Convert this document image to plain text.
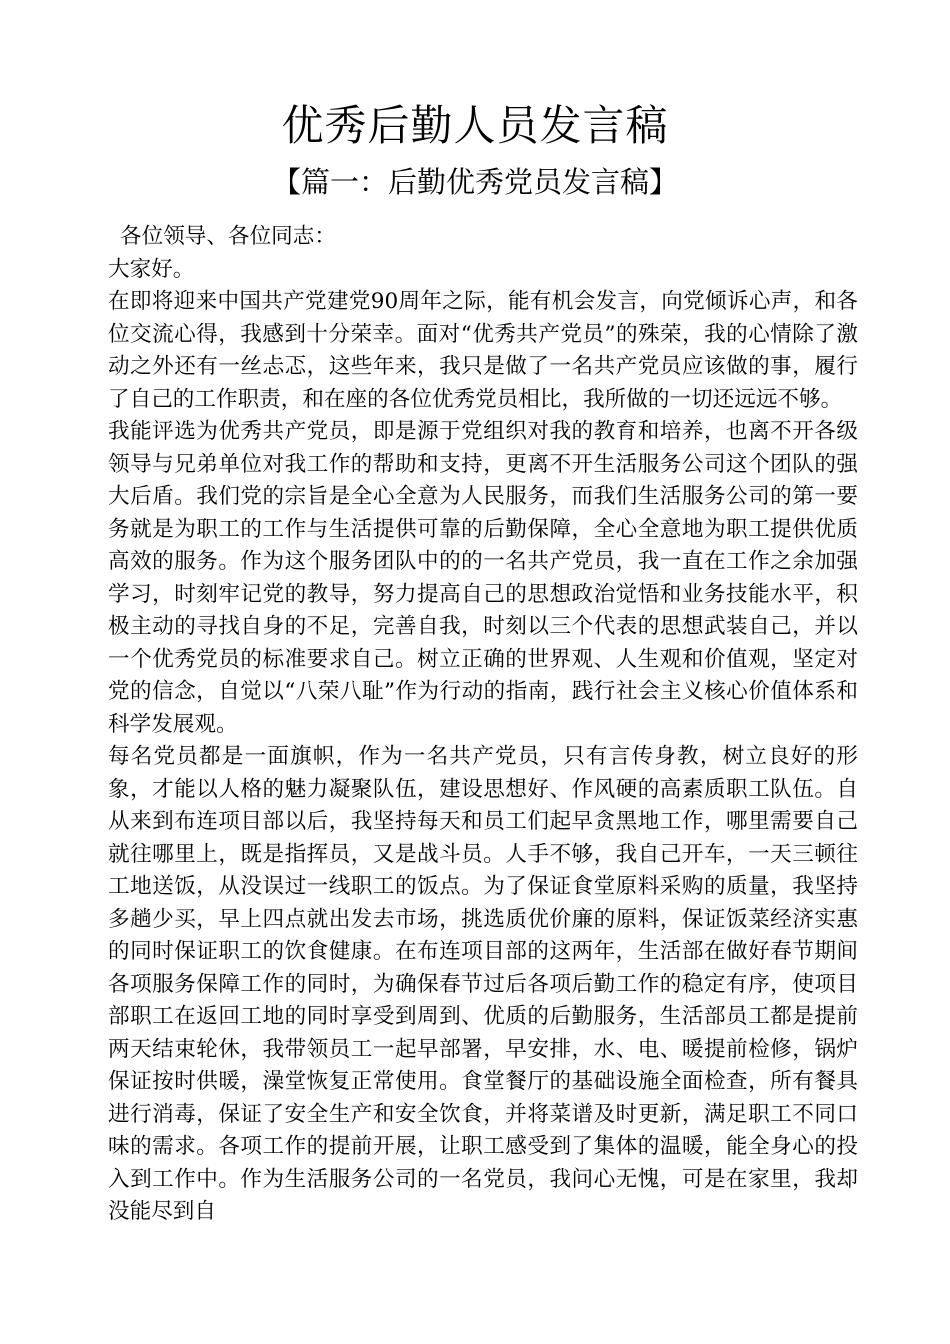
优秀后勤人员发言稿
【篇一：后勤优秀党员发言稿】

各位领导、各位同志：

大家好。

在即将迎来中国共产党建党90周年之际，能有机会发言，向党倾诉心声，和各位交流心得，我感到十分荣幸。面对“优秀共产党员”的殊荣，我的心情除了激动之外还有一丝忐忑，这些年来，我只是做了一名共产党员应该做的事，履行了自己的工作职责，和在座的各位优秀党员相比，我所做的一切还远远不够。

我能评选为优秀共产党员，即是源于党组织对我的教育和培养，也离不开各级领导与兄弟单位对我工作的帮助和支持，更离不开生活服务公司这个团队的强大后盾。我们党的宗旨是全心全意为人民服务，而我们生活服务公司的第一要务就是为职工的工作与生活提供可靠的后勤保障，全心全意地为职工提供优质高效的服务。作为这个服务团队中的的一名共产党员，我一直在工作之余加强学习，时刻牢记党的教导，努力提高自己的思想政治觉悟和业务技能水平，积极主动的寻找自身的不足，完善自我，时刻以三个代表的思想武装自己，并以一个优秀党员的标准要求自己。树立正确的世界观、人生观和价值观，坚定对党的信念，自觉以“八荣八耻”作为行动的指南，践行社会主义核心价值体系和科学发展观。

每名党员都是一面旗帜，作为一名共产党员，只有言传身教，树立良好的形象，才能以人格的魅力凝聚队伍，建设思想好、作风硬的高素质职工队伍。自从来到布连项目部以后，我坚持每天和员工们起早贪黑地工作，哪里需要自己就往哪里上，既是指挥员，又是战斗员。人手不够，我自己开车，一天三顿往工地送饭，从没误过一线职工的饭点。为了保证食堂原料采购的质量，我坚持多趟少买，早上四点就出发去市场，挑选质优价廉的原料，保证饭菜经济实惠的同时保证职工的饮食健康。在布连项目部的这两年，生活部在做好春节期间各项服务保障工作的同时，为确保春节过后各项后勤工作的稳定有序，使项目部职工在返回工地的同时享受到周到、优质的后勤服务，生活部员工都是提前两天结束轮休，我带领员工一起早部署，早安排，水、电、暖提前检修，锅炉保证按时供暖，澡堂恢复正常使用。食堂餐厅的基础设施全面检查，所有餐具进行消毒，保证了安全生产和安全饮食，并将菜谱及时更新，满足职工不同口味的需求。各项工作的提前开展，让职工感受到了集体的温暖，能全身心的投入到工作中。作为生活服务公司的一名党员，我问心无愧，可是在家里，我却没能尽到自
